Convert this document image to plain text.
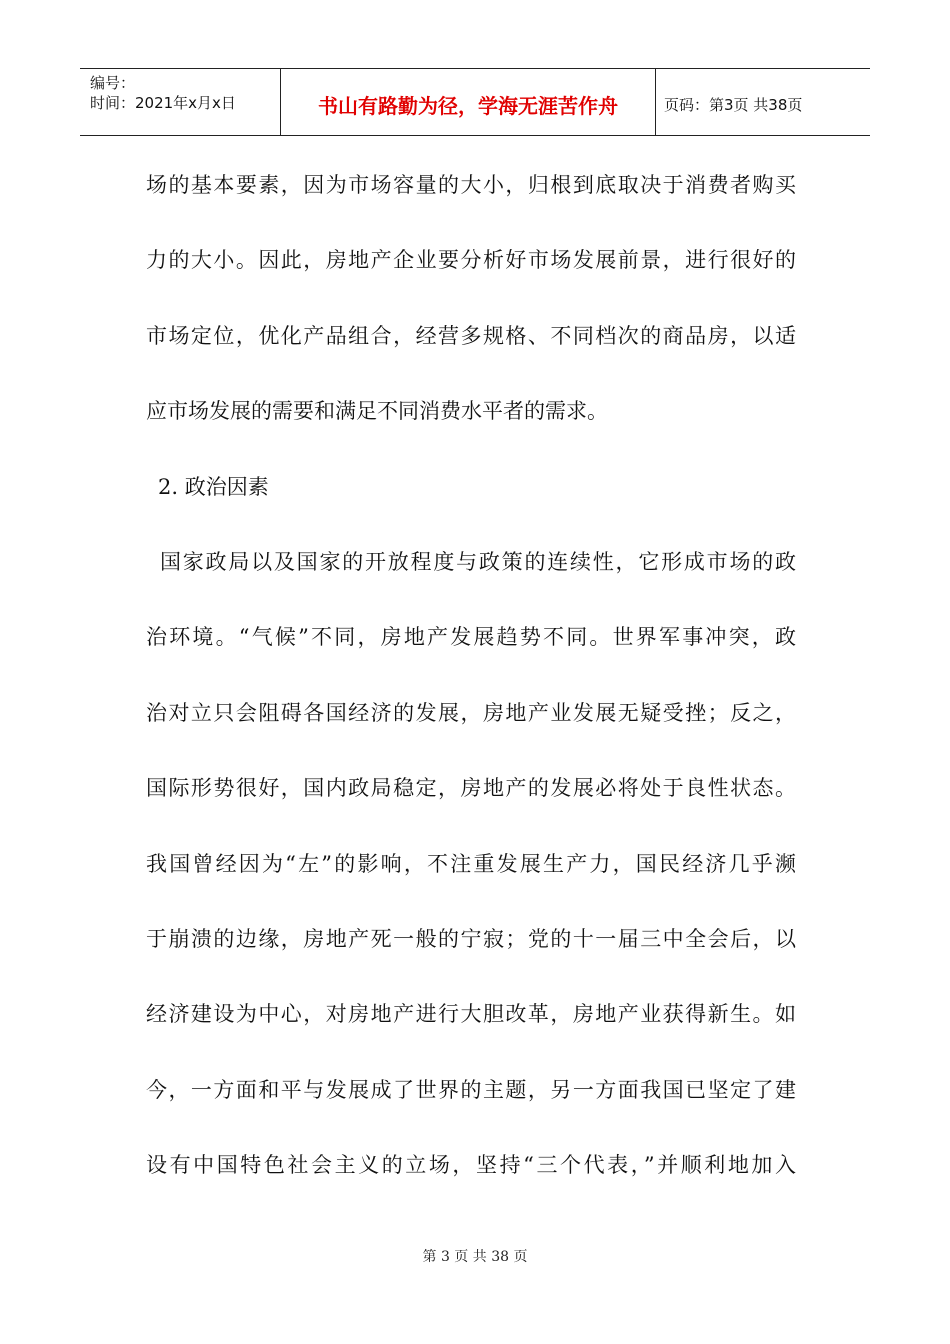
编号：
时间：2021年x月x日	书山有路勤为径，学海无涯苦作舟	页码：第3页 共38页
场的基本要素，因为市场容量的大小，归根到底取决于消费者购买
力的大小。因此，房地产企业要分析好市场发展前景，进行很好的
市场定位，优化产品组合，经营多规格、不同档次的商品房，以适
应市场发展的需要和满足不同消费水平者的需求。
2. 政治因素
国家政局以及国家的开放程度与政策的连续性，它形成市场的政
治环境。“气候”不同，房地产发展趋势不同。世界军事冲突，政
治对立只会阻碍各国经济的发展，房地产业发展无疑受挫；反之，
国际形势很好，国内政局稳定，房地产的发展必将处于良性状态。
我国曾经因为“左”的影响，不注重发展生产力，国民经济几乎濒
于崩溃的边缘，房地产死一般的宁寂；党的十一届三中全会后，以
经济建设为中心，对房地产进行大胆改革，房地产业获得新生。如
今，一方面和平与发展成了世界的主题，另一方面我国已坚定了建
设有中国特色社会主义的立场，坚持“三个代表，”并顺利地加入
第 3 页 共 38 页
